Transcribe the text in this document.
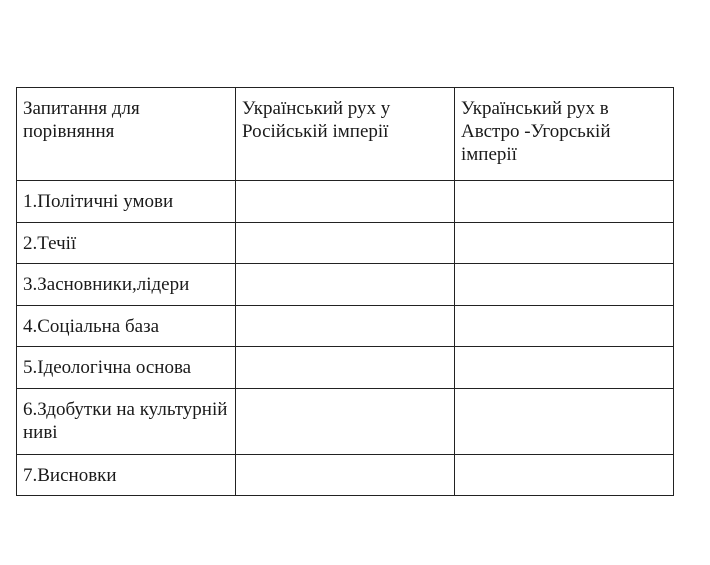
Запитання для порівняння	Український рух у Російській імперії	Український рух в Австро -Угорській імперії
1.Політичні умови		
2.Течії		
3.Засновники,лідери		
4.Соціальна база		
5.Ідеологічна основа		
6.Здобутки на культурній ниві		
7.Висновки		
